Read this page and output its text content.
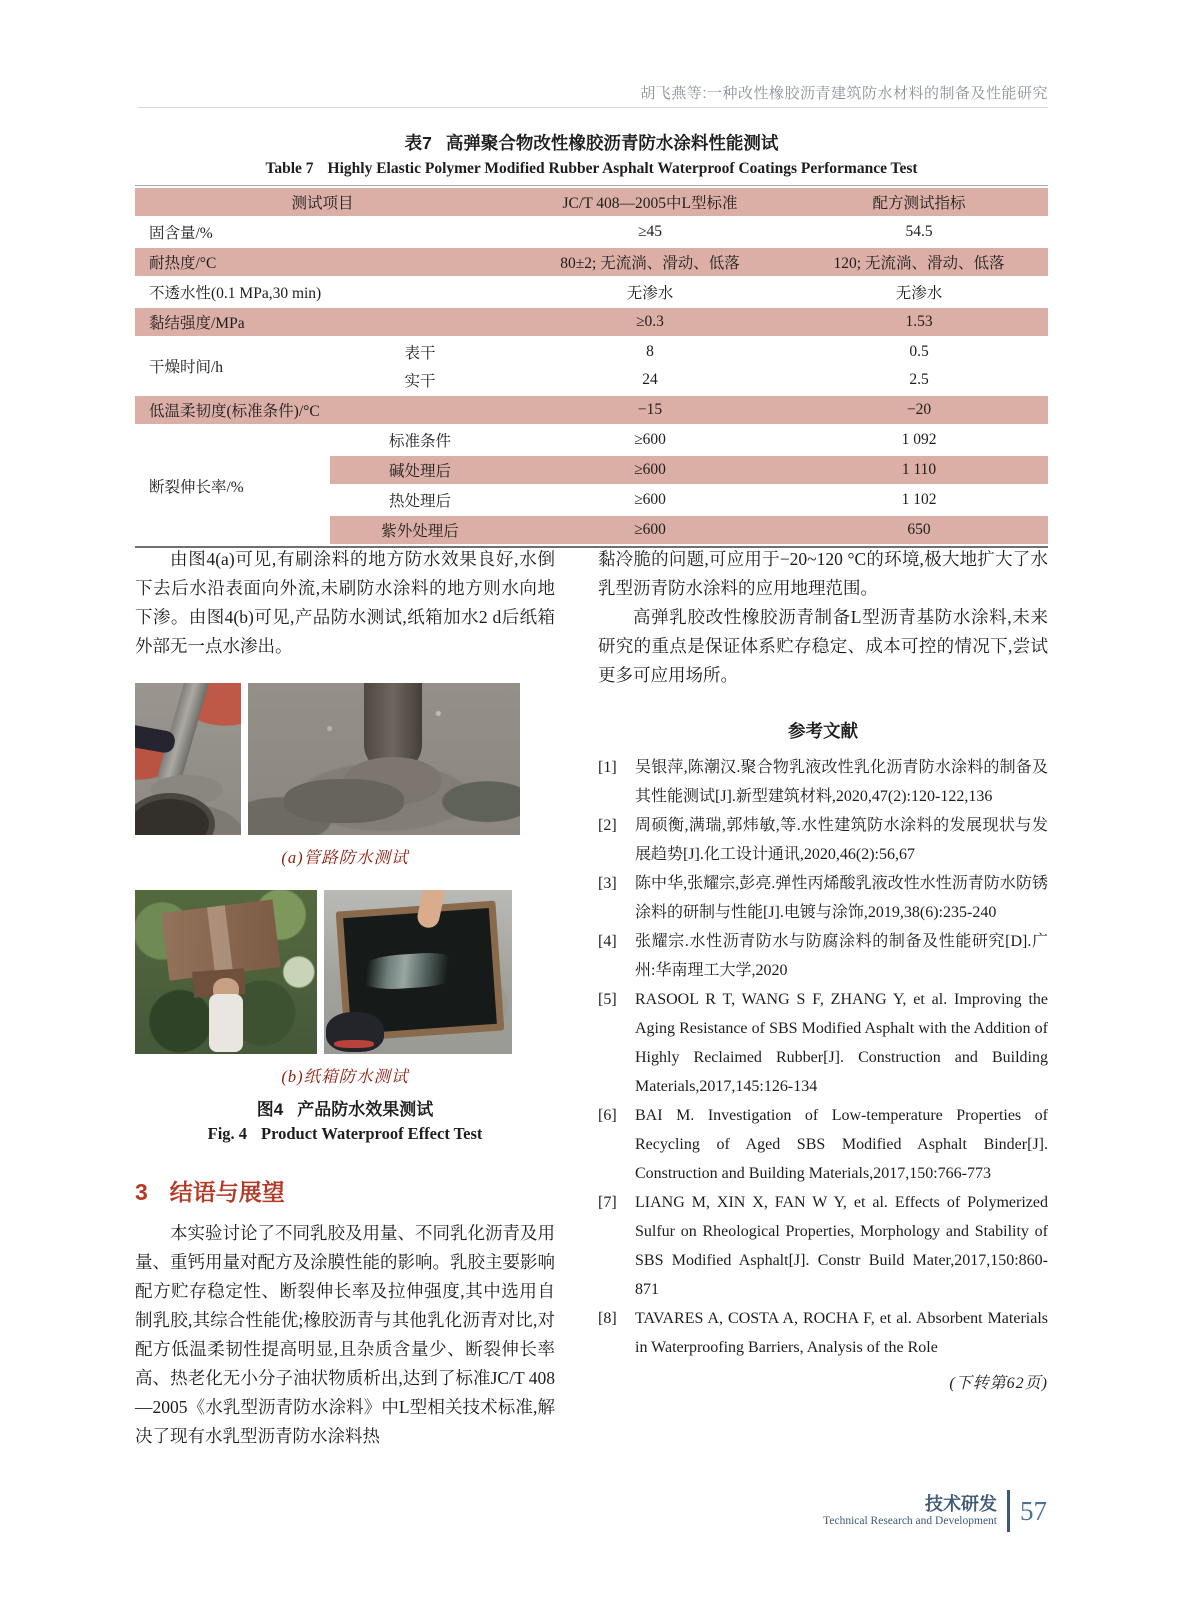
胡飞燕等:一种改性橡胶沥青建筑防水材料的制备及性能研究
表7 高弹聚合物改性橡胶沥青防水涂料性能测试
Table 7 Highly Elastic Polymer Modified Rubber Asphalt Waterproof Coatings Performance Test
测试项目		JC/T 408—2005中L型标准	配方测试指标
固含量/%		≥45	54.5
耐热度/°C		80±2; 无流淌、滑动、低落	120; 无流淌、滑动、低落
不透水性(0.1 MPa,30 min)		无渗水	无渗水
黏结强度/MPa		≥0.3	1.53
干燥时间/h	表干	8	0.5
	实干	24	2.5
低温柔韧度(标准条件)/°C		−15	−20
断裂伸长率/%	标准条件	≥600	1 092
	碱处理后	≥600	1 110
	热处理后	≥600	1 102
	紫外处理后	≥600	650

由图4(a)可见,有刷涂料的地方防水效果良好,水倒下去后水沿表面向外流,未刷防水涂料的地方则水向地下渗。由图4(b)可见,产品防水测试,纸箱加水2 d后纸箱外部无一点水渗出。

(a)管路防水测试
(b)纸箱防水测试
图4 产品防水效果测试
Fig. 4 Product Waterproof Effect Test
3 结语与展望

本实验讨论了不同乳胶及用量、不同乳化沥青及用量、重钙用量对配方及涂膜性能的影响。乳胶主要影响配方贮存稳定性、断裂伸长率及拉伸强度,其中选用自制乳胶,其综合性能优;橡胶沥青与其他乳化沥青对比,对配方低温柔韧性提高明显,且杂质含量少、断裂伸长率高、热老化无小分子油状物质析出,达到了标准JC/T 408—2005《水乳型沥青防水涂料》中L型相关技术标准,解决了现有水乳型沥青防水涂料热

黏冷脆的问题,可应用于−20~120 °C的环境,极大地扩大了水乳型沥青防水涂料的应用地理范围。

高弹乳胶改性橡胶沥青制备L型沥青基防水涂料,未来研究的重点是保证体系贮存稳定、成本可控的情况下,尝试更多可应用场所。

参考文献
[1]	吴银萍,陈潮汉.聚合物乳液改性乳化沥青防水涂料的制备及其性能测试[J].新型建筑材料,2020,47(2):120-122,136
[2]	周硕衡,满瑞,郭炜敏,等.水性建筑防水涂料的发展现状与发展趋势[J].化工设计通讯,2020,46(2):56,67
[3]	陈中华,张耀宗,彭亮.弹性丙烯酸乳液改性水性沥青防水防锈涂料的研制与性能[J].电镀与涂饰,2019,38(6):235-240
[4]	张耀宗.水性沥青防水与防腐涂料的制备及性能研究[D].广州:华南理工大学,2020
[5]	RASOOL R T, WANG S F, ZHANG Y, et al. Improving the Aging Resistance of SBS Modified Asphalt with the Addition of Highly Reclaimed Rubber[J]. Construction and Building Materials,2017,145:126-134
[6]	BAI M. Investigation of Low-temperature Properties of Recycling of Aged SBS Modified Asphalt Binder[J]. Construction and Building Materials,2017,150:766-773
[7]	LIANG M, XIN X, FAN W Y, et al. Effects of Polymerized Sulfur on Rheological Properties, Morphology and Stability of SBS Modified Asphalt[J]. Constr Build Mater,2017,150:860-871
[8]	TAVARES A, COSTA A, ROCHA F, et al. Absorbent Materials in Waterproofing Barriers, Analysis of the Role
(下转第62页)
技术研发
Technical Research and Development 57
